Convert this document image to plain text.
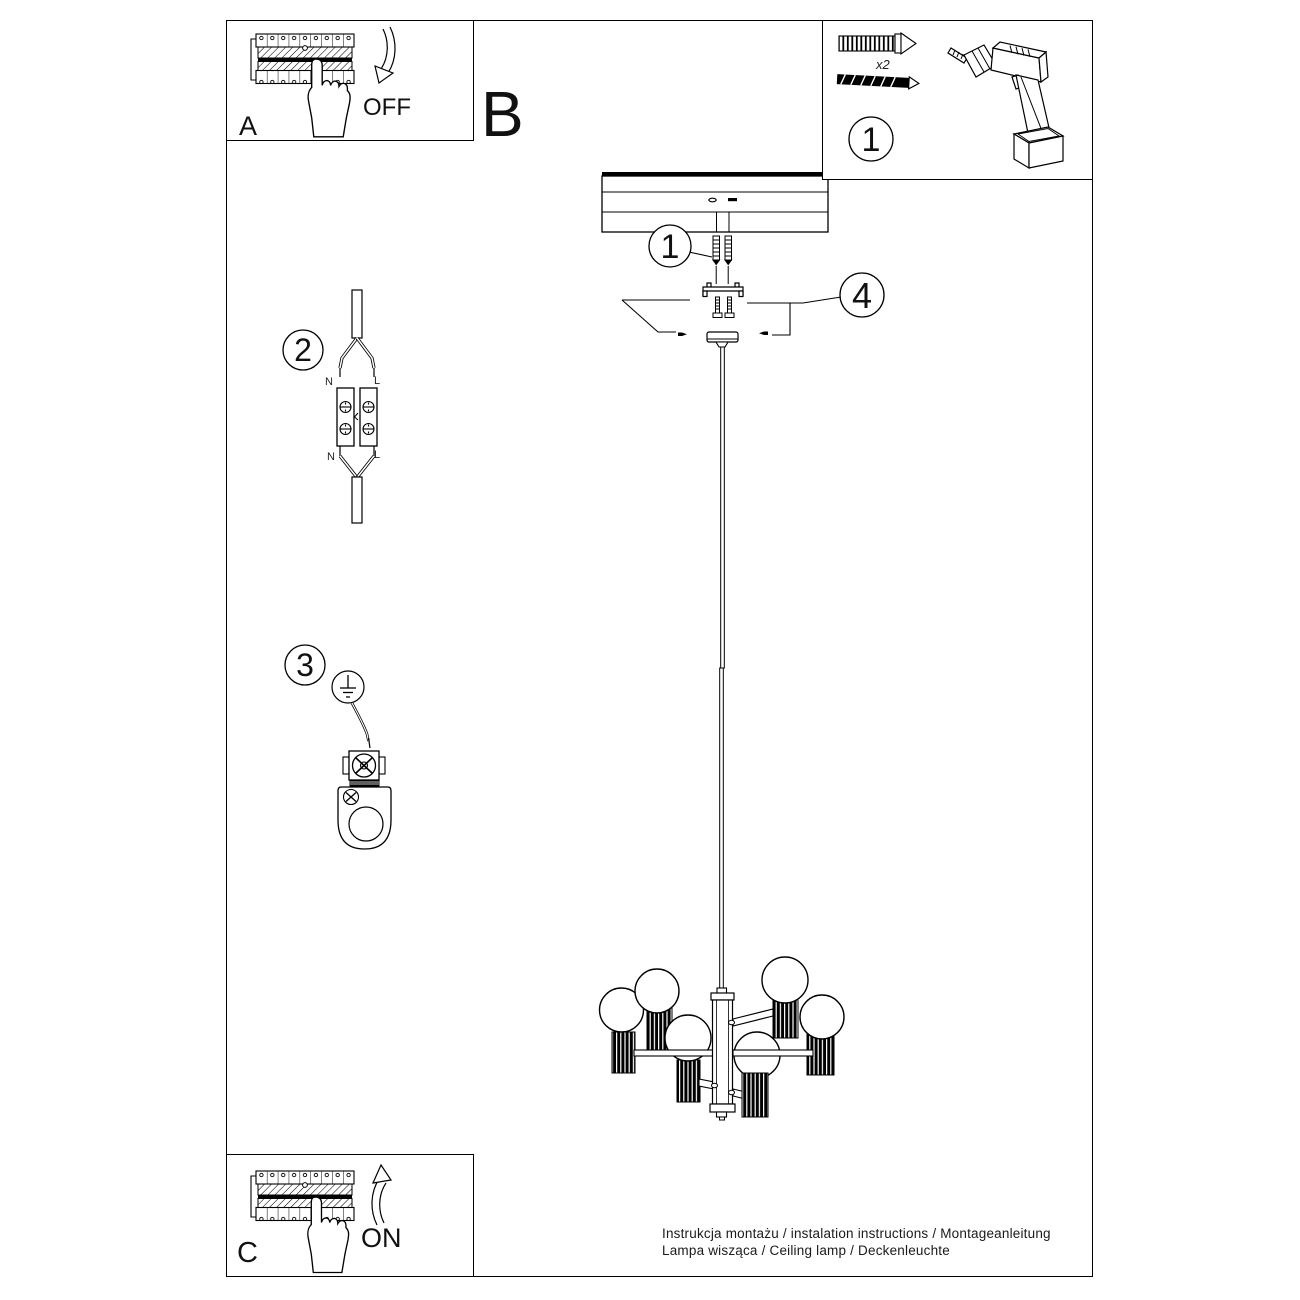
1
4
A
OFF B
x2
1
2
N	L
N	L
3
C	ON	Instrukcja montażu / instalation instructions / Montageanleitung
Lampa wisząca / Ceiling lamp / Deckenleuchte
